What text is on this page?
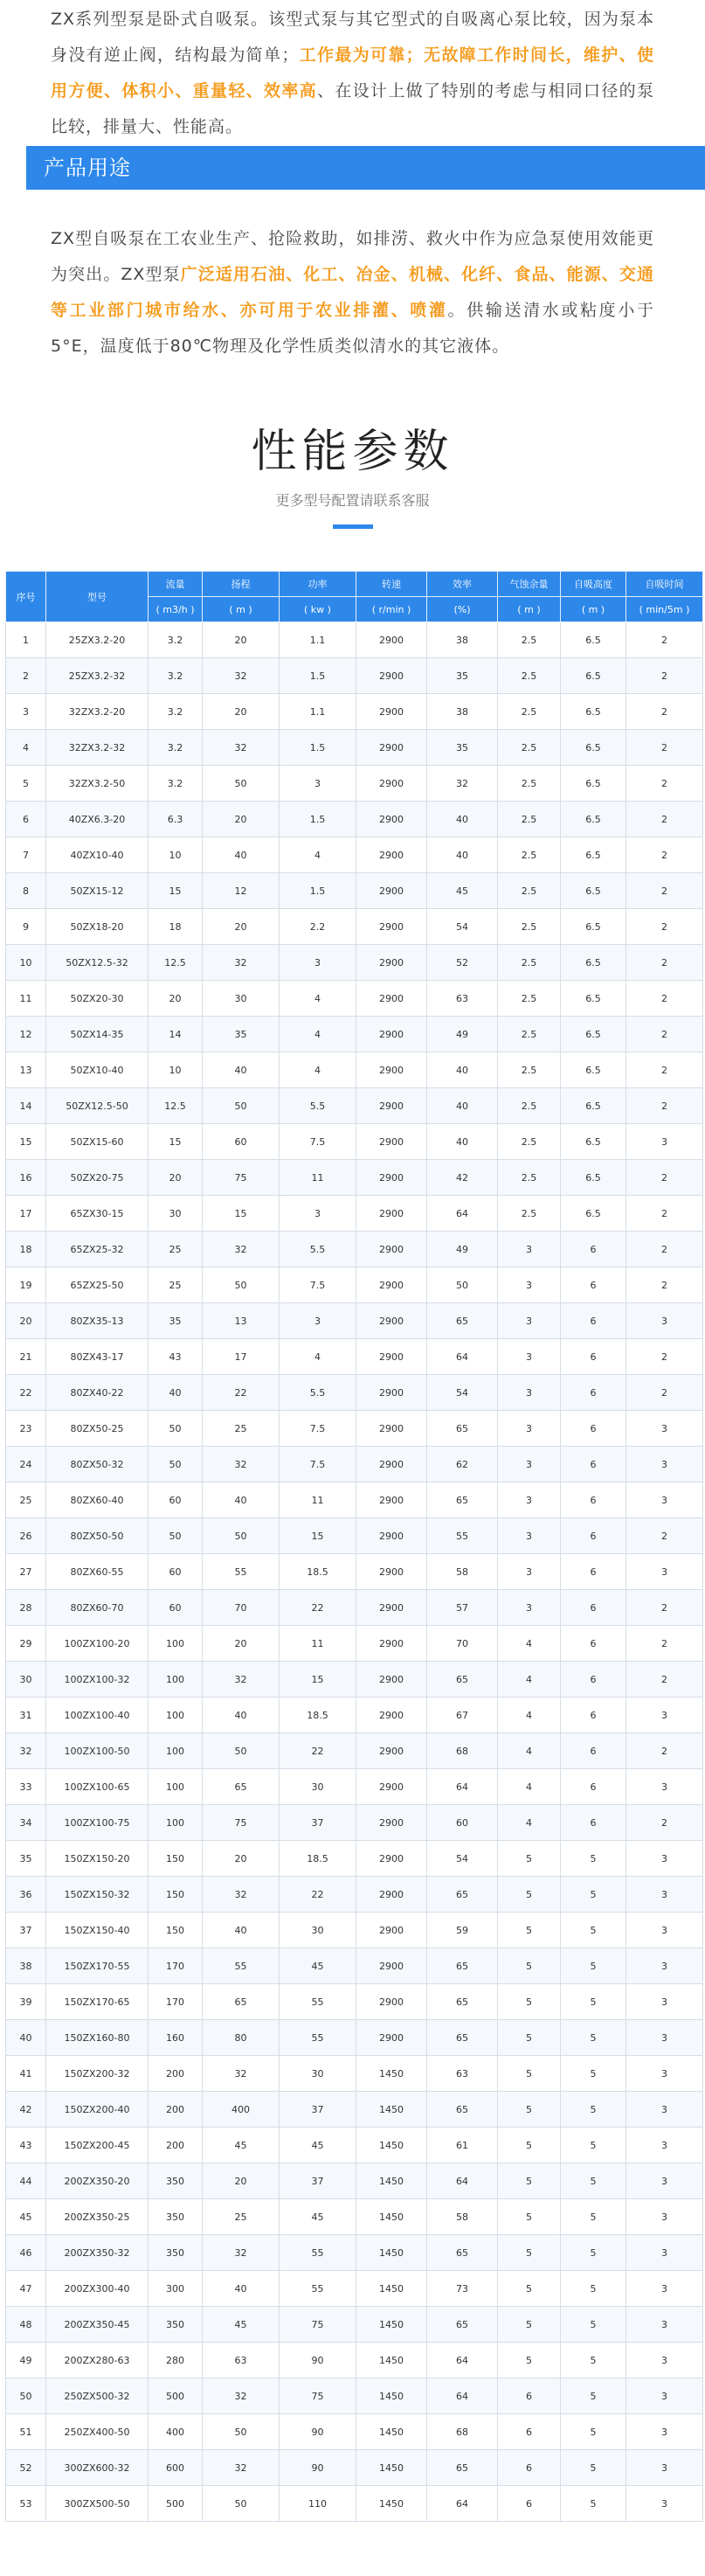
ZX系列型泵是卧式自吸泵。该型式泵与其它型式的自吸离心泵比较，因为泵本身没有逆止阀，结构最为简单；工作最为可靠；无故障工作时间长，维护、使用方便、体积小、重量轻、效率高、在设计上做了特别的考虑与相同口径的泵比较，排量大、性能高。

产品用途

ZX型自吸泵在工农业生产、抢险救助，如排涝、救火中作为应急泵使用效能更为突出。ZX型泵广泛适用石油、化工、冶金、机械、化纤、食品、能源、交通等工业部门城市给水、亦可用于农业排灌、喷灌。供输送清水或粘度小于5°E，温度低于80℃物理及化学性质类似清水的其它液体。

性能参数
更多型号配置请联系客服
序号	型号	流量	扬程	功率	转速	效率	气蚀余量	自吸高度	自吸时间
		( m3/h )	( m )	( kw )	( r/min )	(%)	( m )	( m )	( min/5m )
1	25ZX3.2-20	3.2	20	1.1	2900	38	2.5	6.5	2
2	25ZX3.2-32	3.2	32	1.5	2900	35	2.5	6.5	2
3	32ZX3.2-20	3.2	20	1.1	2900	38	2.5	6.5	2
4	32ZX3.2-32	3.2	32	1.5	2900	35	2.5	6.5	2
5	32ZX3.2-50	3.2	50	3	2900	32	2.5	6.5	2
6	40ZX6.3-20	6.3	20	1.5	2900	40	2.5	6.5	2
7	40ZX10-40	10	40	4	2900	40	2.5	6.5	2
8	50ZX15-12	15	12	1.5	2900	45	2.5	6.5	2
9	50ZX18-20	18	20	2.2	2900	54	2.5	6.5	2
10	50ZX12.5-32	12.5	32	3	2900	52	2.5	6.5	2
11	50ZX20-30	20	30	4	2900	63	2.5	6.5	2
12	50ZX14-35	14	35	4	2900	49	2.5	6.5	2
13	50ZX10-40	10	40	4	2900	40	2.5	6.5	2
14	50ZX12.5-50	12.5	50	5.5	2900	40	2.5	6.5	2
15	50ZX15-60	15	60	7.5	2900	40	2.5	6.5	3
16	50ZX20-75	20	75	11	2900	42	2.5	6.5	2
17	65ZX30-15	30	15	3	2900	64	2.5	6.5	2
18	65ZX25-32	25	32	5.5	2900	49	3	6	2
19	65ZX25-50	25	50	7.5	2900	50	3	6	2
20	80ZX35-13	35	13	3	2900	65	3	6	3
21	80ZX43-17	43	17	4	2900	64	3	6	2
22	80ZX40-22	40	22	5.5	2900	54	3	6	2
23	80ZX50-25	50	25	7.5	2900	65	3	6	3
24	80ZX50-32	50	32	7.5	2900	62	3	6	3
25	80ZX60-40	60	40	11	2900	65	3	6	3
26	80ZX50-50	50	50	15	2900	55	3	6	2
27	80ZX60-55	60	55	18.5	2900	58	3	6	3
28	80ZX60-70	60	70	22	2900	57	3	6	2
29	100ZX100-20	100	20	11	2900	70	4	6	2
30	100ZX100-32	100	32	15	2900	65	4	6	2
31	100ZX100-40	100	40	18.5	2900	67	4	6	3
32	100ZX100-50	100	50	22	2900	68	4	6	2
33	100ZX100-65	100	65	30	2900	64	4	6	3
34	100ZX100-75	100	75	37	2900	60	4	6	2
35	150ZX150-20	150	20	18.5	2900	54	5	5	3
36	150ZX150-32	150	32	22	2900	65	5	5	3
37	150ZX150-40	150	40	30	2900	59	5	5	3
38	150ZX170-55	170	55	45	2900	65	5	5	3
39	150ZX170-65	170	65	55	2900	65	5	5	3
40	150ZX160-80	160	80	55	2900	65	5	5	3
41	150ZX200-32	200	32	30	1450	63	5	5	3
42	150ZX200-40	200	400	37	1450	65	5	5	3
43	150ZX200-45	200	45	45	1450	61	5	5	3
44	200ZX350-20	350	20	37	1450	64	5	5	3
45	200ZX350-25	350	25	45	1450	58	5	5	3
46	200ZX350-32	350	32	55	1450	65	5	5	3
47	200ZX300-40	300	40	55	1450	73	5	5	3
48	200ZX350-45	350	45	75	1450	65	5	5	3
49	200ZX280-63	280	63	90	1450	64	5	5	3
50	250ZX500-32	500	32	75	1450	64	6	5	3
51	250ZX400-50	400	50	90	1450	68	6	5	3
52	300ZX600-32	600	32	90	1450	65	6	5	3
53	300ZX500-50	500	50	110	1450	64	6	5	3
